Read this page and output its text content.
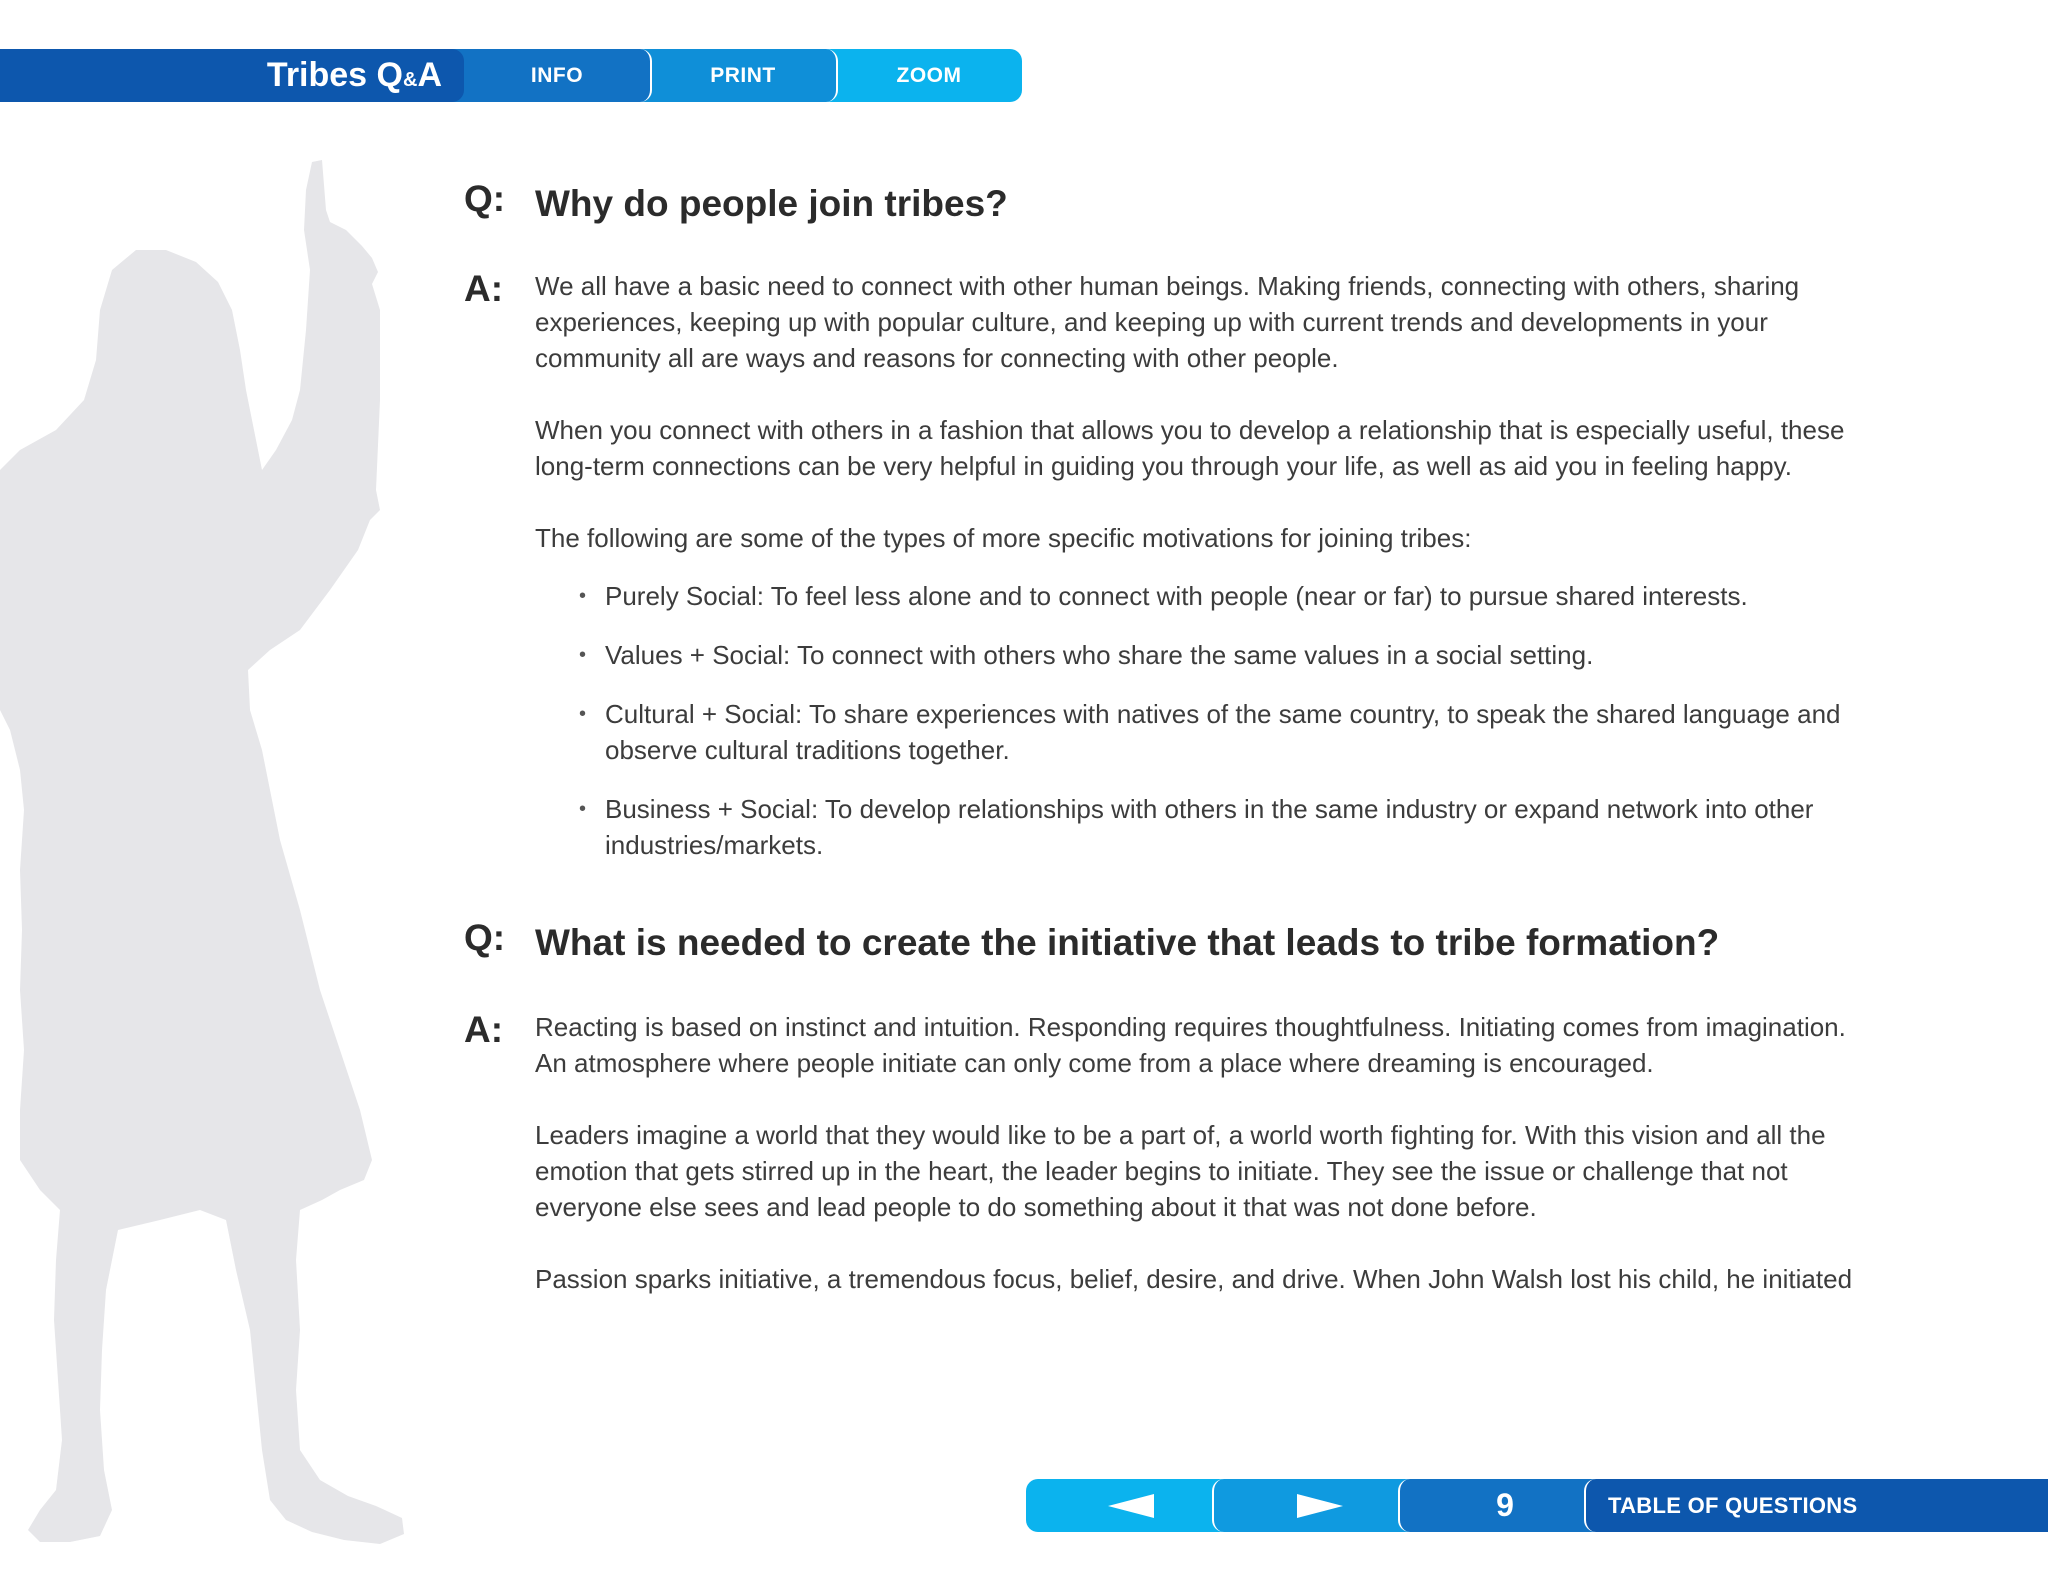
Tribes Q&A	INFO	PRINT	ZOOM
Q: Why do people join tribes?
A: We all have a basic need to connect with other human beings. Making friends, connecting with others, sharing experiences, keeping up with popular culture, and keeping up with current trends and developments in your community all are ways and reasons for connecting with other people.

When you connect with others in a fashion that allows you to develop a relationship that is especially useful, these long-term connections can be very helpful in guiding you through your life, as well as aid you in feeling happy.

The following are some of the types of more specific motivations for joining tribes:

• Purely Social: To feel less alone and to connect with people (near or far) to pursue shared interests.
• Values + Social: To connect with others who share the same values in a social setting.
• Cultural + Social: To share experiences with natives of the same country, to speak the shared language and observe cultural traditions together.
• Business + Social: To develop relationships with others in the same industry or expand network into other industries/markets.
Q: What is needed to create the initiative that leads to tribe formation?
A: Reacting is based on instinct and intuition. Responding requires thoughtfulness. Initiating comes from imagination. An atmosphere where people initiate can only come from a place where dreaming is encouraged.

Leaders imagine a world that they would like to be a part of, a world worth fighting for. With this vision and all the emotion that gets stirred up in the heart, the leader begins to initiate. They see the issue or challenge that not everyone else sees and lead people to do something about it that was not done before.

Passion sparks initiative, a tremendous focus, belief, desire, and drive. When John Walsh lost his child, he initiated

9	TABLE OF QUESTIONS
